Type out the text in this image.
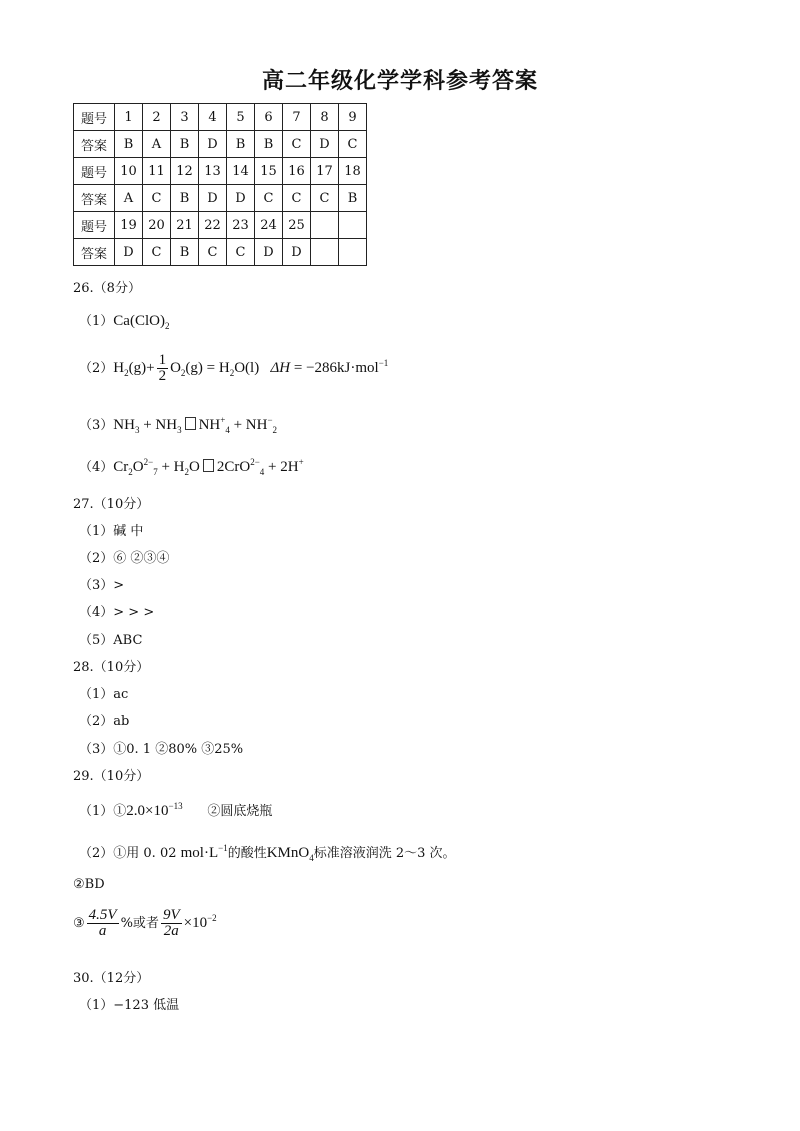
高二年级化学学科参考答案
题号	1	2	3	4	5	6	7	8	9
答案	B	A	B	D	B	B	C	D	C
题号	10	11	12	13	14	15	16	17	18
答案	A	C	B	D	D	C	C	C	B
题号	19	20	21	22	23	24	25		
答案	D	C	B	C	C	D	D		
26.（8分）
$(1)Ca(ClO)_2$
$(2)H_2(g)+ \frac{1}{2} O_2(g) = H_2O(l) \Delta H = -286kJ\cdot mol^{-1}$
$(3)NH_3 + NH_3$ $NH^+_4 + NH^-_2$
$(4)Cr_2O^{2-}_7 + H_2O$ 2CrO$^{2-}_4$ + 2H+
27.（10分）
（1）碱 中
（2）⑥ ②③④
（3）>
（4）> > >
（5）ABC
28.（10分）
（1）ac
（2）ab
（3）①0. 1 ②80% ③25%
29.（10分）
$(1)①2.0\times 10^{-13}$ ②圆底烧瓶
（2）①用 0. 02 $mol\cdot L^{-1}$的酸性KMnO$_4$标准溶液润洗 2～3 次。
②BD
③ $\frac{4.5V}{a}$ %或者 $\frac{9V}{2a} \times 10^{-2}$
30.（12分）
（1）−123 低温
